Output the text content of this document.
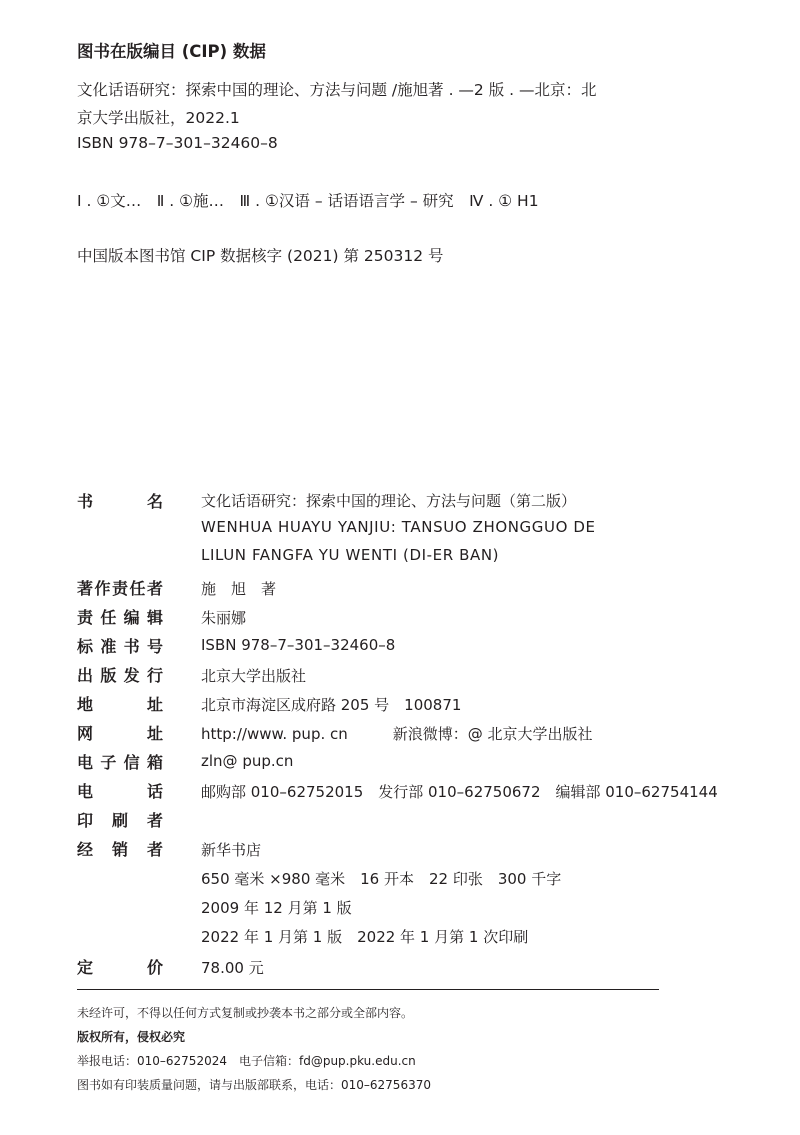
图书在版编目 (CIP) 数据
文化话语研究：探索中国的理论、方法与问题 /施旭著 . —2 版 . —北京：北
京大学出版社，2022.1
ISBN 978–7–301–32460–8
Ⅰ . ①文…　Ⅱ . ①施…　Ⅲ . ①汉语 – 话语语言学 – 研究　Ⅳ . ① H1
中国版本图书馆 CIP 数据核字 (2021) 第 250312 号
书	名	文化话语研究：探索中国的理论、方法与问题（第二版）
WENHUA HUAYU YANJIU: TANSUO ZHONGGUO DE
LILUN FANGFA YU WENTI (DI-ER BAN)
著 作 责 任 者	施　旭　著
责 任 编 辑	朱丽娜
标 准 书 号	ISBN 978–7–301–32460–8
出 版 发 行	北京大学出版社
地	址	北京市海淀区成府路 205 号　100871
网	址	http://www. pup. cn　　　新浪微博：@ 北京大学出版社
电 子 信 箱	zln@ pup.cn
电	话	邮购部 010–62752015　发行部 010–62750672　编辑部 010–62754144
印 刷 者
经 销 者	新华书店
650 毫米 ×980 毫米　16 开本　22 印张　300 千字
2009 年 12 月第 1 版
2022 年 1 月第 1 版　2022 年 1 月第 1 次印刷
定	价	78.00 元
未经许可，不得以任何方式复制或抄袭本书之部分或全部内容。
版权所有，侵权必究
举报电话：010–62752024　电子信箱：fd@pup.pku.edu.cn
图书如有印装质量问题，请与出版部联系，电话：010–62756370
